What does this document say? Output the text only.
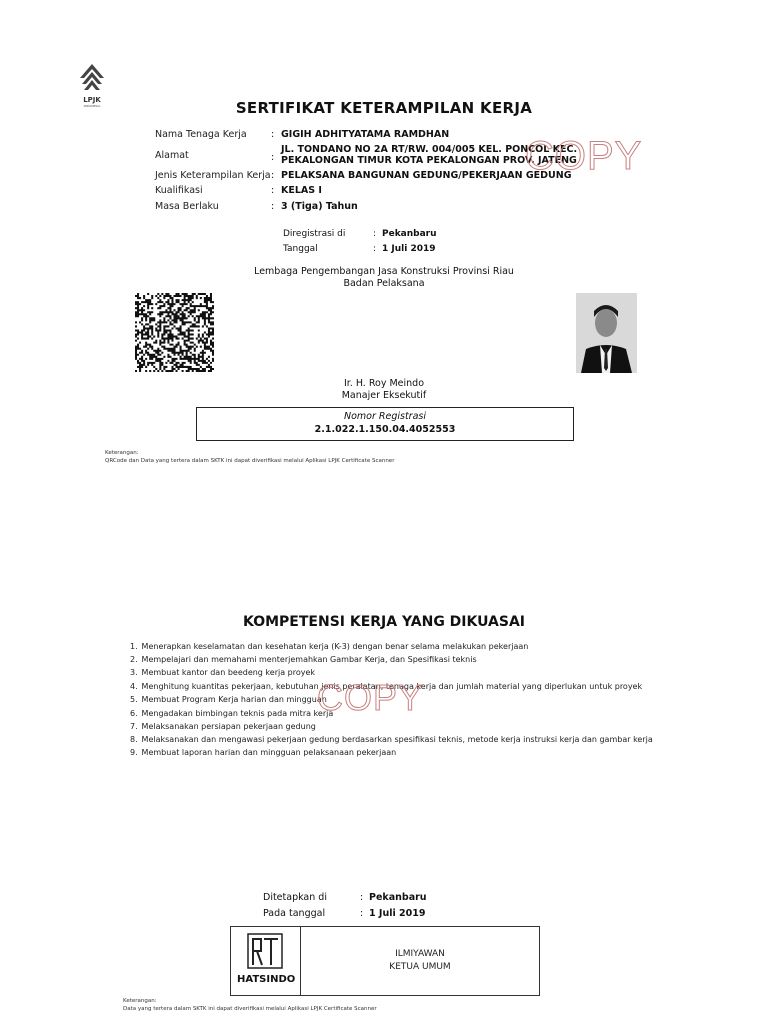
LPJK
INDONESIA	SERTIFIKAT KETERAMPILAN KERJA
Nama Tenaga Kerja	: GIGIH ADHITYATAMA RAMDHAN
Alamat	:
JL. TONDANO NO 2A RT/RW. 004/005 KEL. PONCOL KEC.
PEKALONGAN TIMUR KOTA PEKALONGAN PROV. JATENG
Jenis Keterampilan Kerja : PELAKSANA BANGUNAN GEDUNG/PEKERJAAN GEDUNG
Kualifikasi	: KELAS I
Masa Berlaku	: 3 (Tiga) Tahun
COPY
Diregistrasi di	: Pekanbaru
Tanggal	: 1 Juli 2019
Lembaga Pengembangan Jasa Konstruksi Provinsi Riau
Badan Pelaksana
Ir. H. Roy Meindo
Manajer Eksekutif
Nomor Registrasi
2.1.022.1.150.04.4052553
Keterangan:
QRCode dan Data yang tertera dalam SKTK ini dapat diverifikasi melalui Aplikasi LPJK Certificate Scanner
KOMPETENSI KERJA YANG DIKUASAI
1. Menerapkan keselamatan dan kesehatan kerja (K-3) dengan benar selama melakukan pekerjaan
2. Mempelajari dan memahami menterjemahkan Gambar Kerja, dan Spesifikasi teknis
3. Membuat kantor dan beedeng kerja proyek
4. Menghitung kuantitas pekerjaan, kebutuhan jenis peralatan, tenaga kerja dan jumlah material yang diperlukan untuk proyek
5. Membuat Program Kerja harian dan mingguan
6. Mengadakan bimbingan teknis pada mitra kerja
7. Melaksanakan persiapan pekerjaan gedung
8. Melaksanakan dan mengawasi pekerjaan gedung berdasarkan spesifikasi teknis, metode kerja instruksi kerja dan gambar kerja
9. Membuat laporan harian dan mingguan pelaksanaan pekerjaan
COPY
Ditetapkan di	: Pekanbaru
Pada tanggal	: 1 Juli 2019
HATSINDO
ILMIYAWAN
KETUA UMUM
Keterangan:
Data yang tertera dalam SKTK ini dapat diverifikasi melalui Aplikasi LPJK Certificate Scanner
